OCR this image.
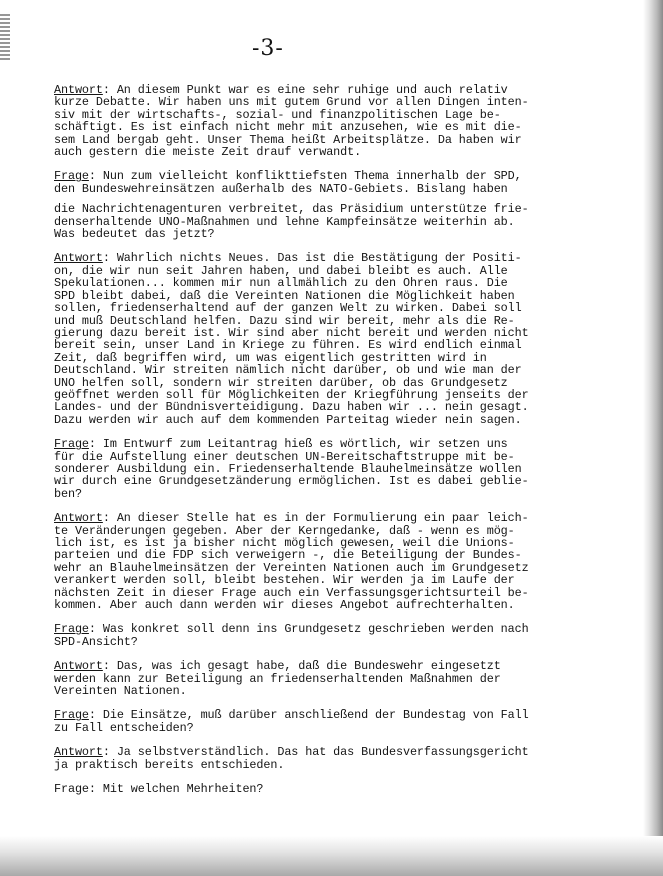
-3-

Antwort: An diesem Punkt war es eine sehr ruhige und auch relativ
kurze Debatte. Wir haben uns mit gutem Grund vor allen Dingen inten-
siv mit der wirtschafts-, sozial- und finanzpolitischen Lage be-
schäftigt. Es ist einfach nicht mehr mit anzusehen, wie es mit die-
sem Land bergab geht. Unser Thema heißt Arbeitsplätze. Da haben wir
auch gestern die meiste Zeit drauf verwandt.

Frage: Nun zum vielleicht konflikttiefsten Thema innerhalb der SPD,
den Bundeswehreinsätzen außerhalb des NATO-Gebiets. Bislang haben

die Nachrichtenagenturen verbreitet, das Präsidium unterstütze frie-
denserhaltende UNO-Maßnahmen und lehne Kampfeinsätze weiterhin ab.
Was bedeutet das jetzt?

Antwort: Wahrlich nichts Neues. Das ist die Bestätigung der Positi-
on, die wir nun seit Jahren haben, und dabei bleibt es auch. Alle
Spekulationen... kommen mir nun allmählich zu den Ohren raus. Die
SPD bleibt dabei, daß die Vereinten Nationen die Möglichkeit haben
sollen, friedenserhaltend auf der ganzen Welt zu wirken. Dabei soll
und muß Deutschland helfen. Dazu sind wir bereit, mehr als die Re-
gierung dazu bereit ist. Wir sind aber nicht bereit und werden nicht
bereit sein, unser Land in Kriege zu führen. Es wird endlich einmal
Zeit, daß begriffen wird, um was eigentlich gestritten wird in
Deutschland. Wir streiten nämlich nicht darüber, ob und wie man der
UNO helfen soll, sondern wir streiten darüber, ob das Grundgesetz
geöffnet werden soll für Möglichkeiten der Kriegführung jenseits der
Landes- und der Bündnisverteidigung. Dazu haben wir ... nein gesagt.
Dazu werden wir auch auf dem kommenden Parteitag wieder nein sagen.

Frage: Im Entwurf zum Leitantrag hieß es wörtlich, wir setzen uns
für die Aufstellung einer deutschen UN-Bereitschaftstruppe mit be-
sonderer Ausbildung ein. Friedenserhaltende Blauhelmeinsätze wollen
wir durch eine Grundgesetzänderung ermöglichen. Ist es dabei geblie-
ben?

Antwort: An dieser Stelle hat es in der Formulierung ein paar leich-
te Veränderungen gegeben. Aber der Kerngedanke, daß - wenn es mög-
lich ist, es ist ja bisher nicht möglich gewesen, weil die Unions-
parteien und die FDP sich verweigern -, die Beteiligung der Bundes-
wehr an Blauhelmeinsätzen der Vereinten Nationen auch im Grundgesetz
verankert werden soll, bleibt bestehen. Wir werden ja im Laufe der
nächsten Zeit in dieser Frage auch ein Verfassungsgerichtsurteil be-
kommen. Aber auch dann werden wir dieses Angebot aufrechterhalten.

Frage: Was konkret soll denn ins Grundgesetz geschrieben werden nach
SPD-Ansicht?

Antwort: Das, was ich gesagt habe, daß die Bundeswehr eingesetzt
werden kann zur Beteiligung an friedenserhaltenden Maßnahmen der
Vereinten Nationen.

Frage: Die Einsätze, muß darüber anschließend der Bundestag von Fall
zu Fall entscheiden?

Antwort: Ja selbstverständlich. Das hat das Bundesverfassungsgericht
ja praktisch bereits entschieden.

Frage: Mit welchen Mehrheiten?
